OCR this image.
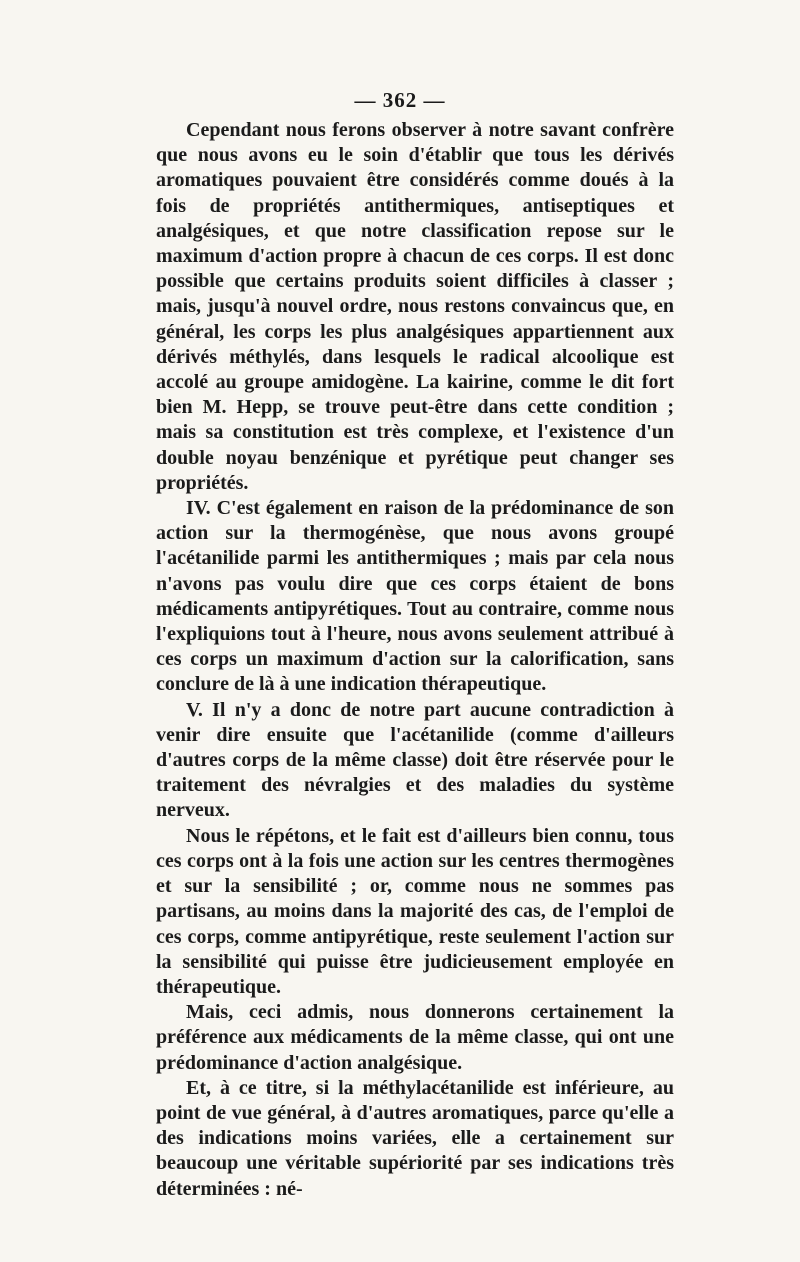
— 362 —

Cependant nous ferons observer à notre savant confrère que nous avons eu le soin d'établir que tous les dérivés aromatiques pouvaient être considérés comme doués à la fois de propriétés antithermiques, antiseptiques et analgésiques, et que notre classification repose sur le maximum d'action propre à chacun de ces corps. Il est donc possible que certains produits soient difficiles à classer ; mais, jusqu'à nouvel ordre, nous restons convaincus que, en général, les corps les plus analgésiques appartiennent aux dérivés méthylés, dans lesquels le radical alcoolique est accolé au groupe amidogène. La kairine, comme le dit fort bien M. Hepp, se trouve peut-être dans cette condition ; mais sa constitution est très complexe, et l'existence d'un double noyau benzénique et pyrétique peut changer ses propriétés.

IV. C'est également en raison de la prédominance de son action sur la thermogénèse, que nous avons groupé l'acétanilide parmi les antithermiques ; mais par cela nous n'avons pas voulu dire que ces corps étaient de bons médicaments antipyrétiques. Tout au contraire, comme nous l'expliquions tout à l'heure, nous avons seulement attribué à ces corps un maximum d'action sur la calorification, sans conclure de là à une indication thérapeutique.

V. Il n'y a donc de notre part aucune contradiction à venir dire ensuite que l'acétanilide (comme d'ailleurs d'autres corps de la même classe) doit être réservée pour le traitement des névralgies et des maladies du système nerveux.

Nous le répétons, et le fait est d'ailleurs bien connu, tous ces corps ont à la fois une action sur les centres thermogènes et sur la sensibilité ; or, comme nous ne sommes pas partisans, au moins dans la majorité des cas, de l'emploi de ces corps, comme antipyrétique, reste seulement l'action sur la sensibilité qui puisse être judicieusement employée en thérapeutique.

Mais, ceci admis, nous donnerons certainement la préférence aux médicaments de la même classe, qui ont une prédominance d'action analgésique.

Et, à ce titre, si la méthylacétanilide est inférieure, au point de vue général, à d'autres aromatiques, parce qu'elle a des indications moins variées, elle a certainement sur beaucoup une véritable supériorité par ses indications très déterminées : né-
